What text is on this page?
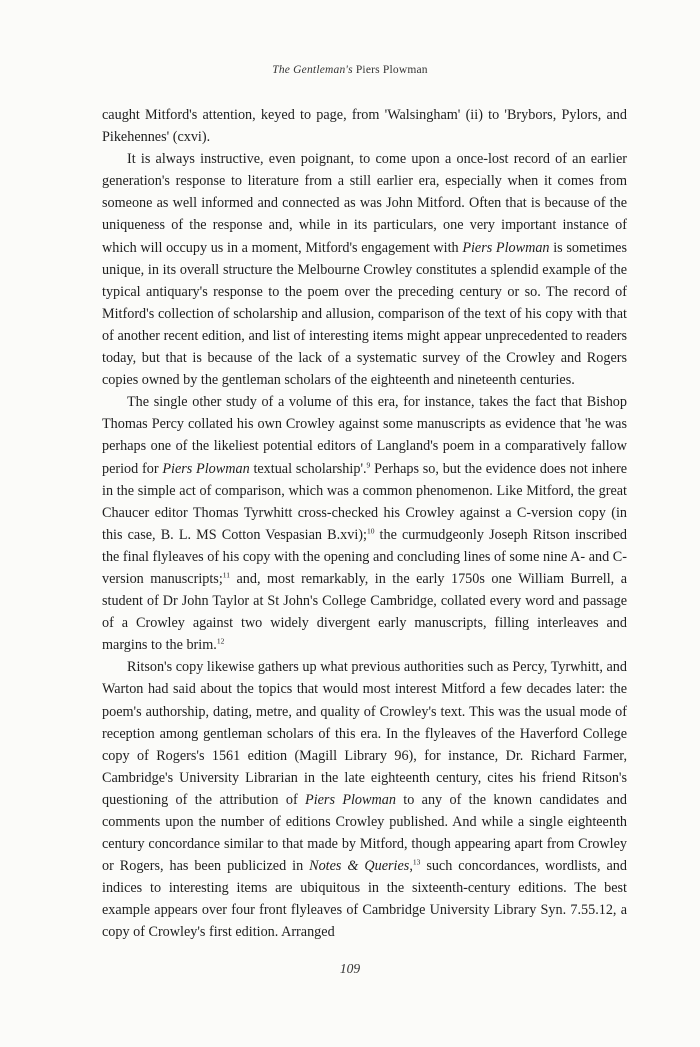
The Gentleman's Piers Plowman

caught Mitford's attention, keyed to page, from 'Walsingham' (ii) to 'Brybors, Pylors, and Pikehennes' (cxvi).

It is always instructive, even poignant, to come upon a once-lost record of an earlier generation's response to literature from a still earlier era, especially when it comes from someone as well informed and connected as was John Mitford. Often that is because of the uniqueness of the response and, while in its particulars, one very important instance of which will occupy us in a moment, Mitford's engagement with Piers Plowman is sometimes unique, in its overall structure the Melbourne Crowley constitutes a splendid example of the typical antiquary's response to the poem over the preceding century or so. The record of Mitford's collection of scholarship and allusion, comparison of the text of his copy with that of another recent edition, and list of interesting items might appear unprecedented to readers today, but that is because of the lack of a systematic survey of the Crowley and Rogers copies owned by the gentleman scholars of the eighteenth and nineteenth centuries.

The single other study of a volume of this era, for instance, takes the fact that Bishop Thomas Percy collated his own Crowley against some manuscripts as evidence that 'he was perhaps one of the likeliest potential editors of Langland's poem in a comparatively fallow period for Piers Plowman textual scholarship'.$^9$ Perhaps so, but the evidence does not inhere in the simple act of comparison, which was a common phenomenon. Like Mitford, the great Chaucer editor Thomas Tyrwhitt cross-checked his Crowley against a C-version copy (in this case, B. L. MS Cotton Vespasian B.xvi);$^{10}$ the curmudgeonly Joseph Ritson inscribed the final flyleaves of his copy with the opening and concluding lines of some nine A- and C-version manuscripts;$^{11}$ and, most remarkably, in the early 1750s one William Burrell, a student of Dr John Taylor at St John's College Cambridge, collated every word and passage of a Crowley against two widely divergent early manuscripts, filling interleaves and margins to the brim.$^{12}$

Ritson's copy likewise gathers up what previous authorities such as Percy, Tyrwhitt, and Warton had said about the topics that would most interest Mitford a few decades later: the poem's authorship, dating, metre, and quality of Crowley's text. This was the usual mode of reception among gentleman scholars of this era. In the flyleaves of the Haverford College copy of Rogers's 1561 edition (Magill Library 96), for instance, Dr. Richard Farmer, Cambridge's University Librarian in the late eighteenth century, cites his friend Ritson's questioning of the attribution of Piers Plowman to any of the known candidates and comments upon the number of editions Crowley published. And while a single eighteenth century concordance similar to that made by Mitford, though appearing apart from Crowley or Rogers, has been publicized in Notes & Queries,$^{13}$ such concordances, wordlists, and indices to interesting items are ubiquitous in the sixteenth-century editions. The best example appears over four front flyleaves of Cambridge University Library Syn. 7.55.12, a copy of Crowley's first edition. Arranged

109
